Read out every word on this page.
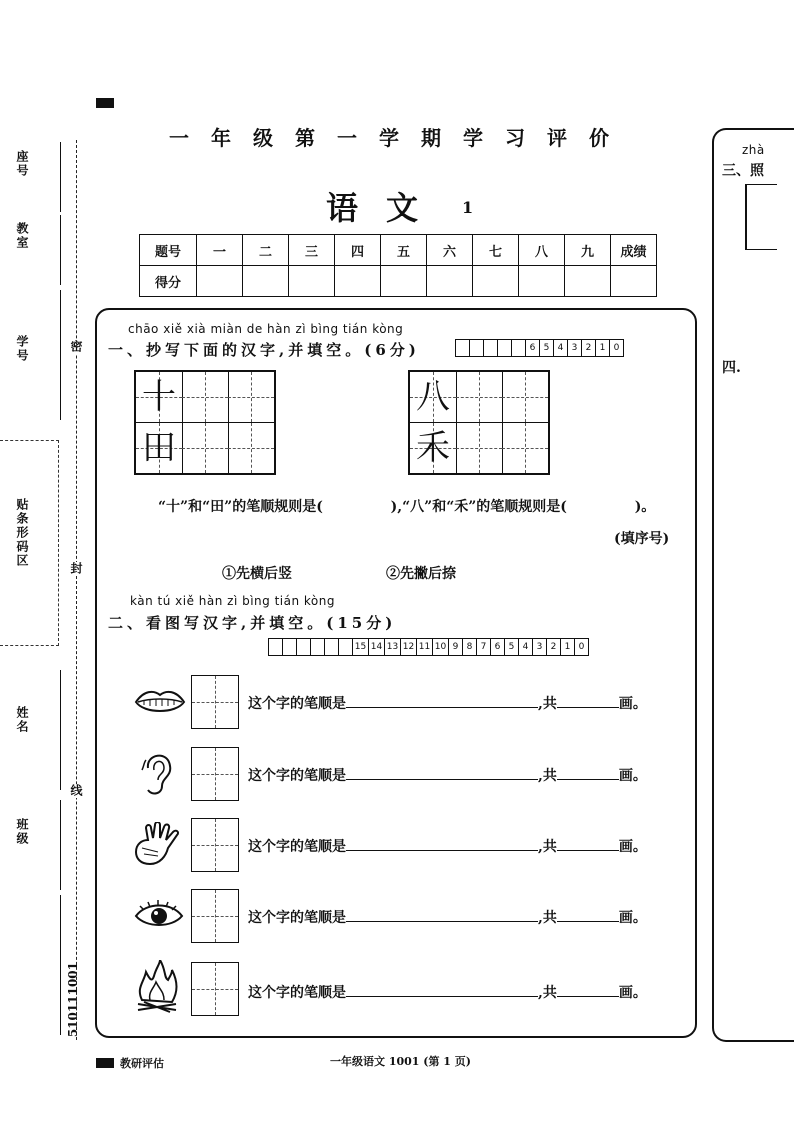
座号
教室
学号
贴条形码区
姓名
班级
510111001
密
封
线
一年级第一学期学习评价
语文 1
题号	一	二	三	四	五	六	七	八	九	成绩
得分										
chāo xiě xià miàn de hàn zì bìng tián kòng
一、抄写下面的汉字,并填空。(6分)	6 5 4 3 2 1 0
十
田
八
禾
“十”和“田”的笔顺规则是(	),“八”和“禾”的笔顺规则是(	)。
(填序号)
①先横后竖	②先撇后捺
kàn tú xiě hàn zì bìng tián kòng
二、看图写汉字,并填空。(15分)
15 14 13 12 11 10 9 8 7 6 5 4 3 2 1 0
这个字的笔顺是	,共	画。
这个字的笔顺是	,共	画。
这个字的笔顺是	,共	画。
这个字的笔顺是	,共	画。
这个字的笔顺是	,共	画。
zhà
三、照
四.
教研评估	一年级语文 1001 (第 1 页)
